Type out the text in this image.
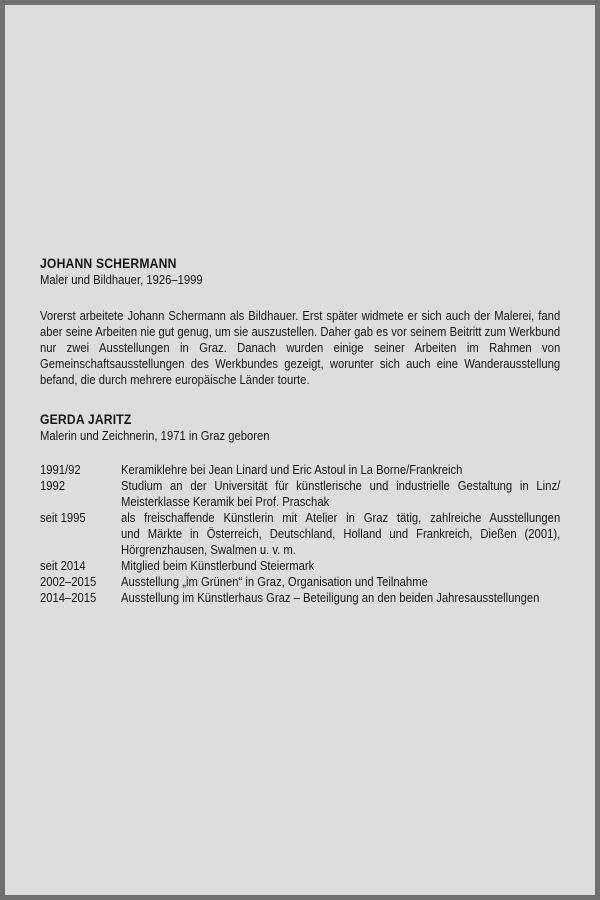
JOHANN SCHERMANN
Maler und Bildhauer, 1926–1999

Vorerst arbeitete Johann Schermann als Bildhauer. Erst später widmete er sich auch der Malerei, fand aber seine Arbeiten nie gut genug, um sie auszustellen. Daher gab es vor seinem Beitritt zum Werkbund nur zwei Ausstellungen in Graz. Danach wurden einige seiner Arbeiten im Rahmen von Gemeinschaftsausstellungen des Werkbundes gezeigt, worunter sich auch eine Wanderausstellung befand, die durch mehrere europäische Länder tourte.

GERDA JARITZ
Malerin und Zeichnerin, 1971 in Graz geboren
1991/92	Keramiklehre bei Jean Linard und Eric Astoul in La Borne/Frankreich
1992	Studium an der Universität für künstlerische und industrielle Gestaltung in Linz/
Meisterklasse Keramik bei Prof. Praschak
seit 1995	als freischaffende Künstlerin mit Atelier in Graz tätig, zahlreiche Ausstellungen
und Märkte in Österreich, Deutschland, Holland und Frankreich, Dießen (2001),
Hörgrenzhausen, Swalmen u. v. m.
seit 2014	Mitglied beim Künstlerbund Steiermark
2002–2015	Ausstellung „im Grünen“ in Graz, Organisation und Teilnahme
2014–2015	Ausstellung im Künstlerhaus Graz – Beteiligung an den beiden Jahresausstellungen
